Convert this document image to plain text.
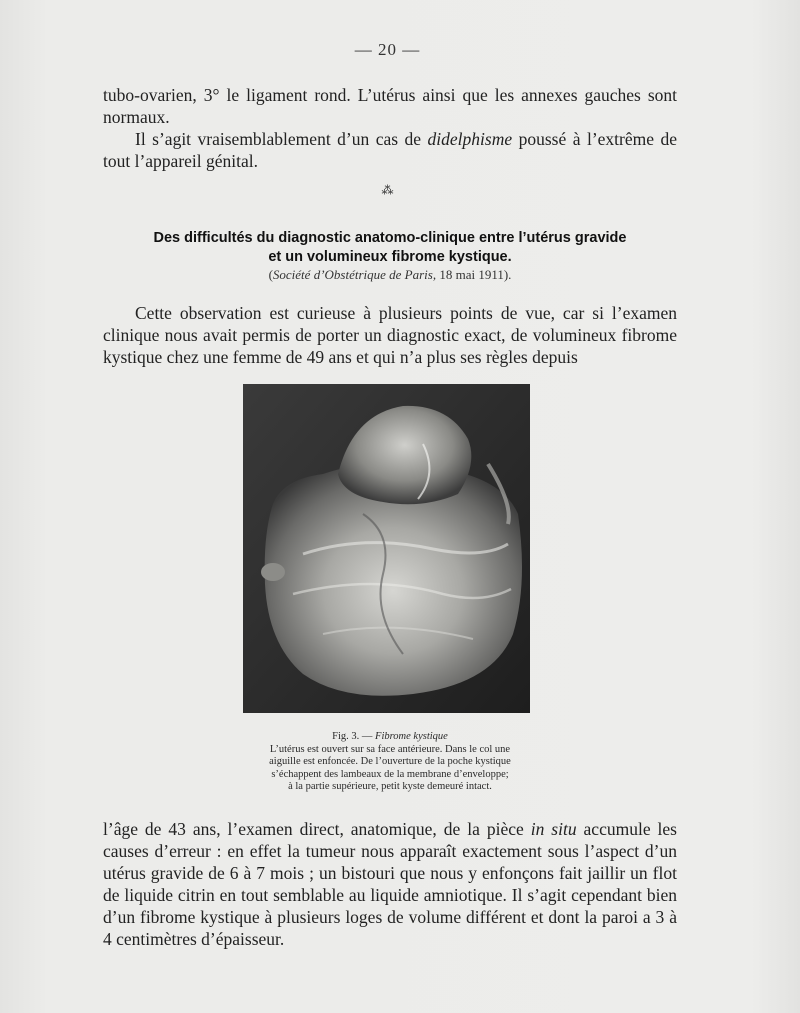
— 20 —

tubo-ovarien, 3° le ligament rond. L’utérus ainsi que les annexes gauches sont normaux.

Il s’agit vraisemblablement d’un cas de didelphisme poussé à l’extrême de tout l’appareil génital.

⁂
Des difficultés du diagnostic anatomo-clinique entre l’utérus gravide
et un volumineux fibrome kystique.

(Société d’Obstétrique de Paris, 18 mai 1911).

Cette observation est curieuse à plusieurs points de vue, car si l’examen clinique nous avait permis de porter un diagnostic exact, de volumineux fibrome kystique chez une femme de 49 ans et qui n’a plus ses règles depuis

Fig. 3. — Fibrome kystique

L’utérus est ouvert sur sa face antérieure. Dans le col une

aiguille est enfoncée. De l’ouverture de la poche kystique

s’échappent des lambeaux de la membrane d’enveloppe;

à la partie supérieure, petit kyste demeuré intact.

l’âge de 43 ans, l’examen direct, anatomique, de la pièce in situ accumule les causes d’erreur : en effet la tumeur nous apparaît exactement sous l’aspect d’un utérus gravide de 6 à 7 mois ; un bistouri que nous y enfonçons fait jaillir un flot de liquide citrin en tout semblable au liquide amniotique. Il s’agit cependant bien d’un fibrome kystique à plusieurs loges de volume différent et dont la paroi a 3 à 4 centimètres d’épaisseur.
